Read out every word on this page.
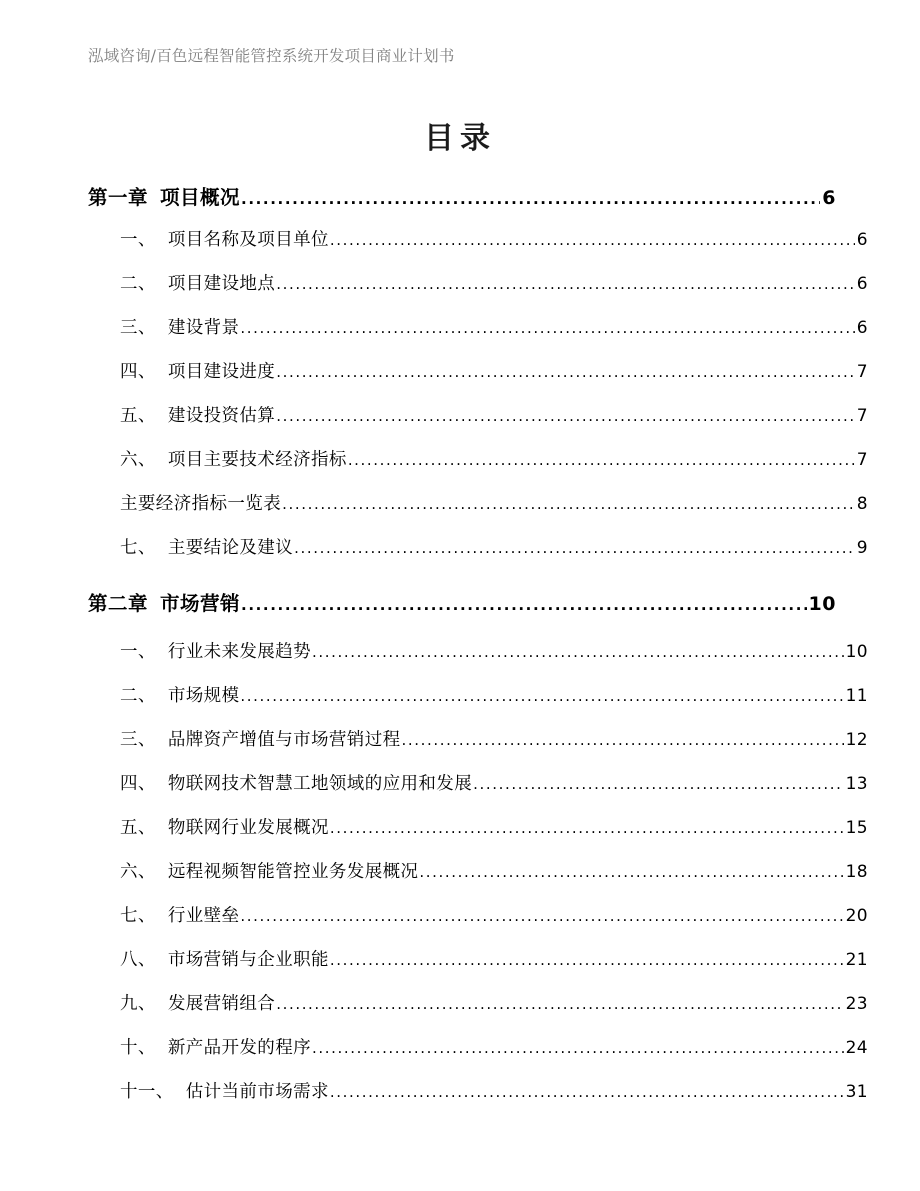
泓域咨询/百色远程智能管控系统开发项目商业计划书
目录
第一章 项目概况 .....	6
一、 项目名称及项目单位 .....	6
二、 项目建设地点 .....	6
三、 建设背景 .....	6
四、 项目建设进度 .....	7
五、 建设投资估算 .....	7
六、 项目主要技术经济指标 .....	7
主要经济指标一览表 .....	8
七、 主要结论及建议 .....	9
第二章 市场营销 .....	10
一、 行业未来发展趋势 .....	10
二、 市场规模 .....	11
三、 品牌资产增值与市场营销过程 .....	12
四、 物联网技术智慧工地领域的应用和发展 .....	13
五、 物联网行业发展概况 .....	15
六、 远程视频智能管控业务发展概况 .....	18
七、 行业壁垒 .....	20
八、 市场营销与企业职能 .....	21
九、 发展营销组合 .....	23
十、 新产品开发的程序 .....	24
十一、 估计当前市场需求 .....	31
